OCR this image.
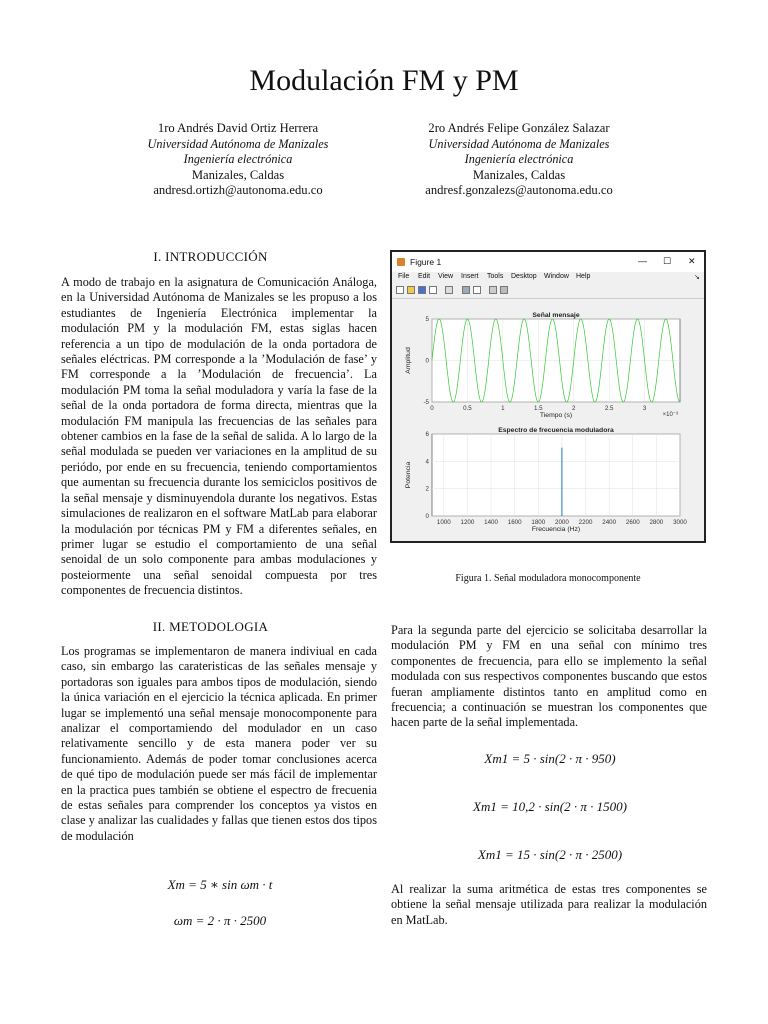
Modulación FM y PM
1ro Andrés David Ortiz Herrera
Universidad Autónoma de Manizales
Ingeniería electrónica
Manizales, Caldas
andresd.ortizh@autonoma.edu.co
2ro Andrés Felipe González Salazar
Universidad Autónoma de Manizales
Ingeniería electrónica
Manizales, Caldas
andresf.gonzalezs@autonoma.edu.co
I. INTRODUCCIÓN
A modo de trabajo en la asignatura de Comunicación Análoga, en la Universidad Autónoma de Manizales se les propuso a los estudiantes de Ingeniería Electrónica implementar la modulación PM y la modulación FM, estas siglas hacen referencia a un tipo de modulación de la onda portadora de señales eléctricas. PM corresponde a la ’Modulación de fase’ y FM corresponde a la ’Modulación de frecuencia’. La modulación PM toma la señal moduladora y varía la fase de la señal de la onda portadora de forma directa, mientras que la modulación FM manipula las frecuencias de las señales para obtener cambios en la fase de la señal de salida. A lo largo de la señal modulada se pueden ver variaciones en la amplitud de su periódo, por ende en su frecuencia, teniendo comportamientos que aumentan su frecuencia durante los semiciclos positivos de la señal mensaje y disminuyendola durante los negativos. Estas simulaciones de realizaron en el software MatLab para elaborar la modulación por técnicas PM y FM a diferentes señales, en primer lugar se estudio el comportamiento de una señal senoidal de un solo componente para ambas modulaciones y posteiormente una señal senoidal compuesta por tres componentes de frecuencia distintos.
II. METODOLOGIA
Los programas se implementaron de manera indiviual en cada caso, sin embargo las carateristicas de las señales mensaje y portadoras son iguales para ambos tipos de modulación, siendo la única variación en el ejercicio la técnica aplicada. En primer lugar se implementó una señal mensaje monocomponente para analizar el comportamiendo del modulador en un caso relativamente sencillo y de esta manera poder ver su funcionamiento. Además de poder tomar conclusiones acerca de qué tipo de modulación puede ser más fácil de implementar en la practica pues también se obtiene el espectro de frecuenia de estas señales para comprender los conceptos ya vistos en clase y analizar las cualidades y fallas que tienen estos dos tipos de modulación
Xm = 5 ∗ sin ωm · t
ωm = 2 · π · 2500
Figure 1	— ☐ ✕
File Edit View Insert Tools Desktop Window Help	↘
0	0.5	1	1.5	2	2.5	3
-5
0
5
Señal mensaje
Tiempo (s)
Amplitud
×10⁻³
1000 1200 1400 1600 1800 2000 2200 2400 2600 2800 3000
0
2
4
6
Espectro de frecuencia moduladora
Frecuencia (Hz)
Potencia
Figura 1. Señal moduladora monocomponente
Para la segunda parte del ejercicio se solicitaba desarrollar la modulación PM y FM en una señal con mínimo tres componentes de frecuencia, para ello se implemento la señal modulada con sus respectivos componentes buscando que estos fueran ampliamente distintos tanto en amplitud como en frecuencia; a continuación se muestran los componentes que hacen parte de la señal implementada.
Xm1 = 5 · sin(2 · π · 950)
Xm1 = 10,2 · sin(2 · π · 1500)
Xm1 = 15 · sin(2 · π · 2500)
Al realizar la suma aritmética de estas tres componentes se obtiene la señal mensaje utilizada para realizar la modulación en MatLab.
